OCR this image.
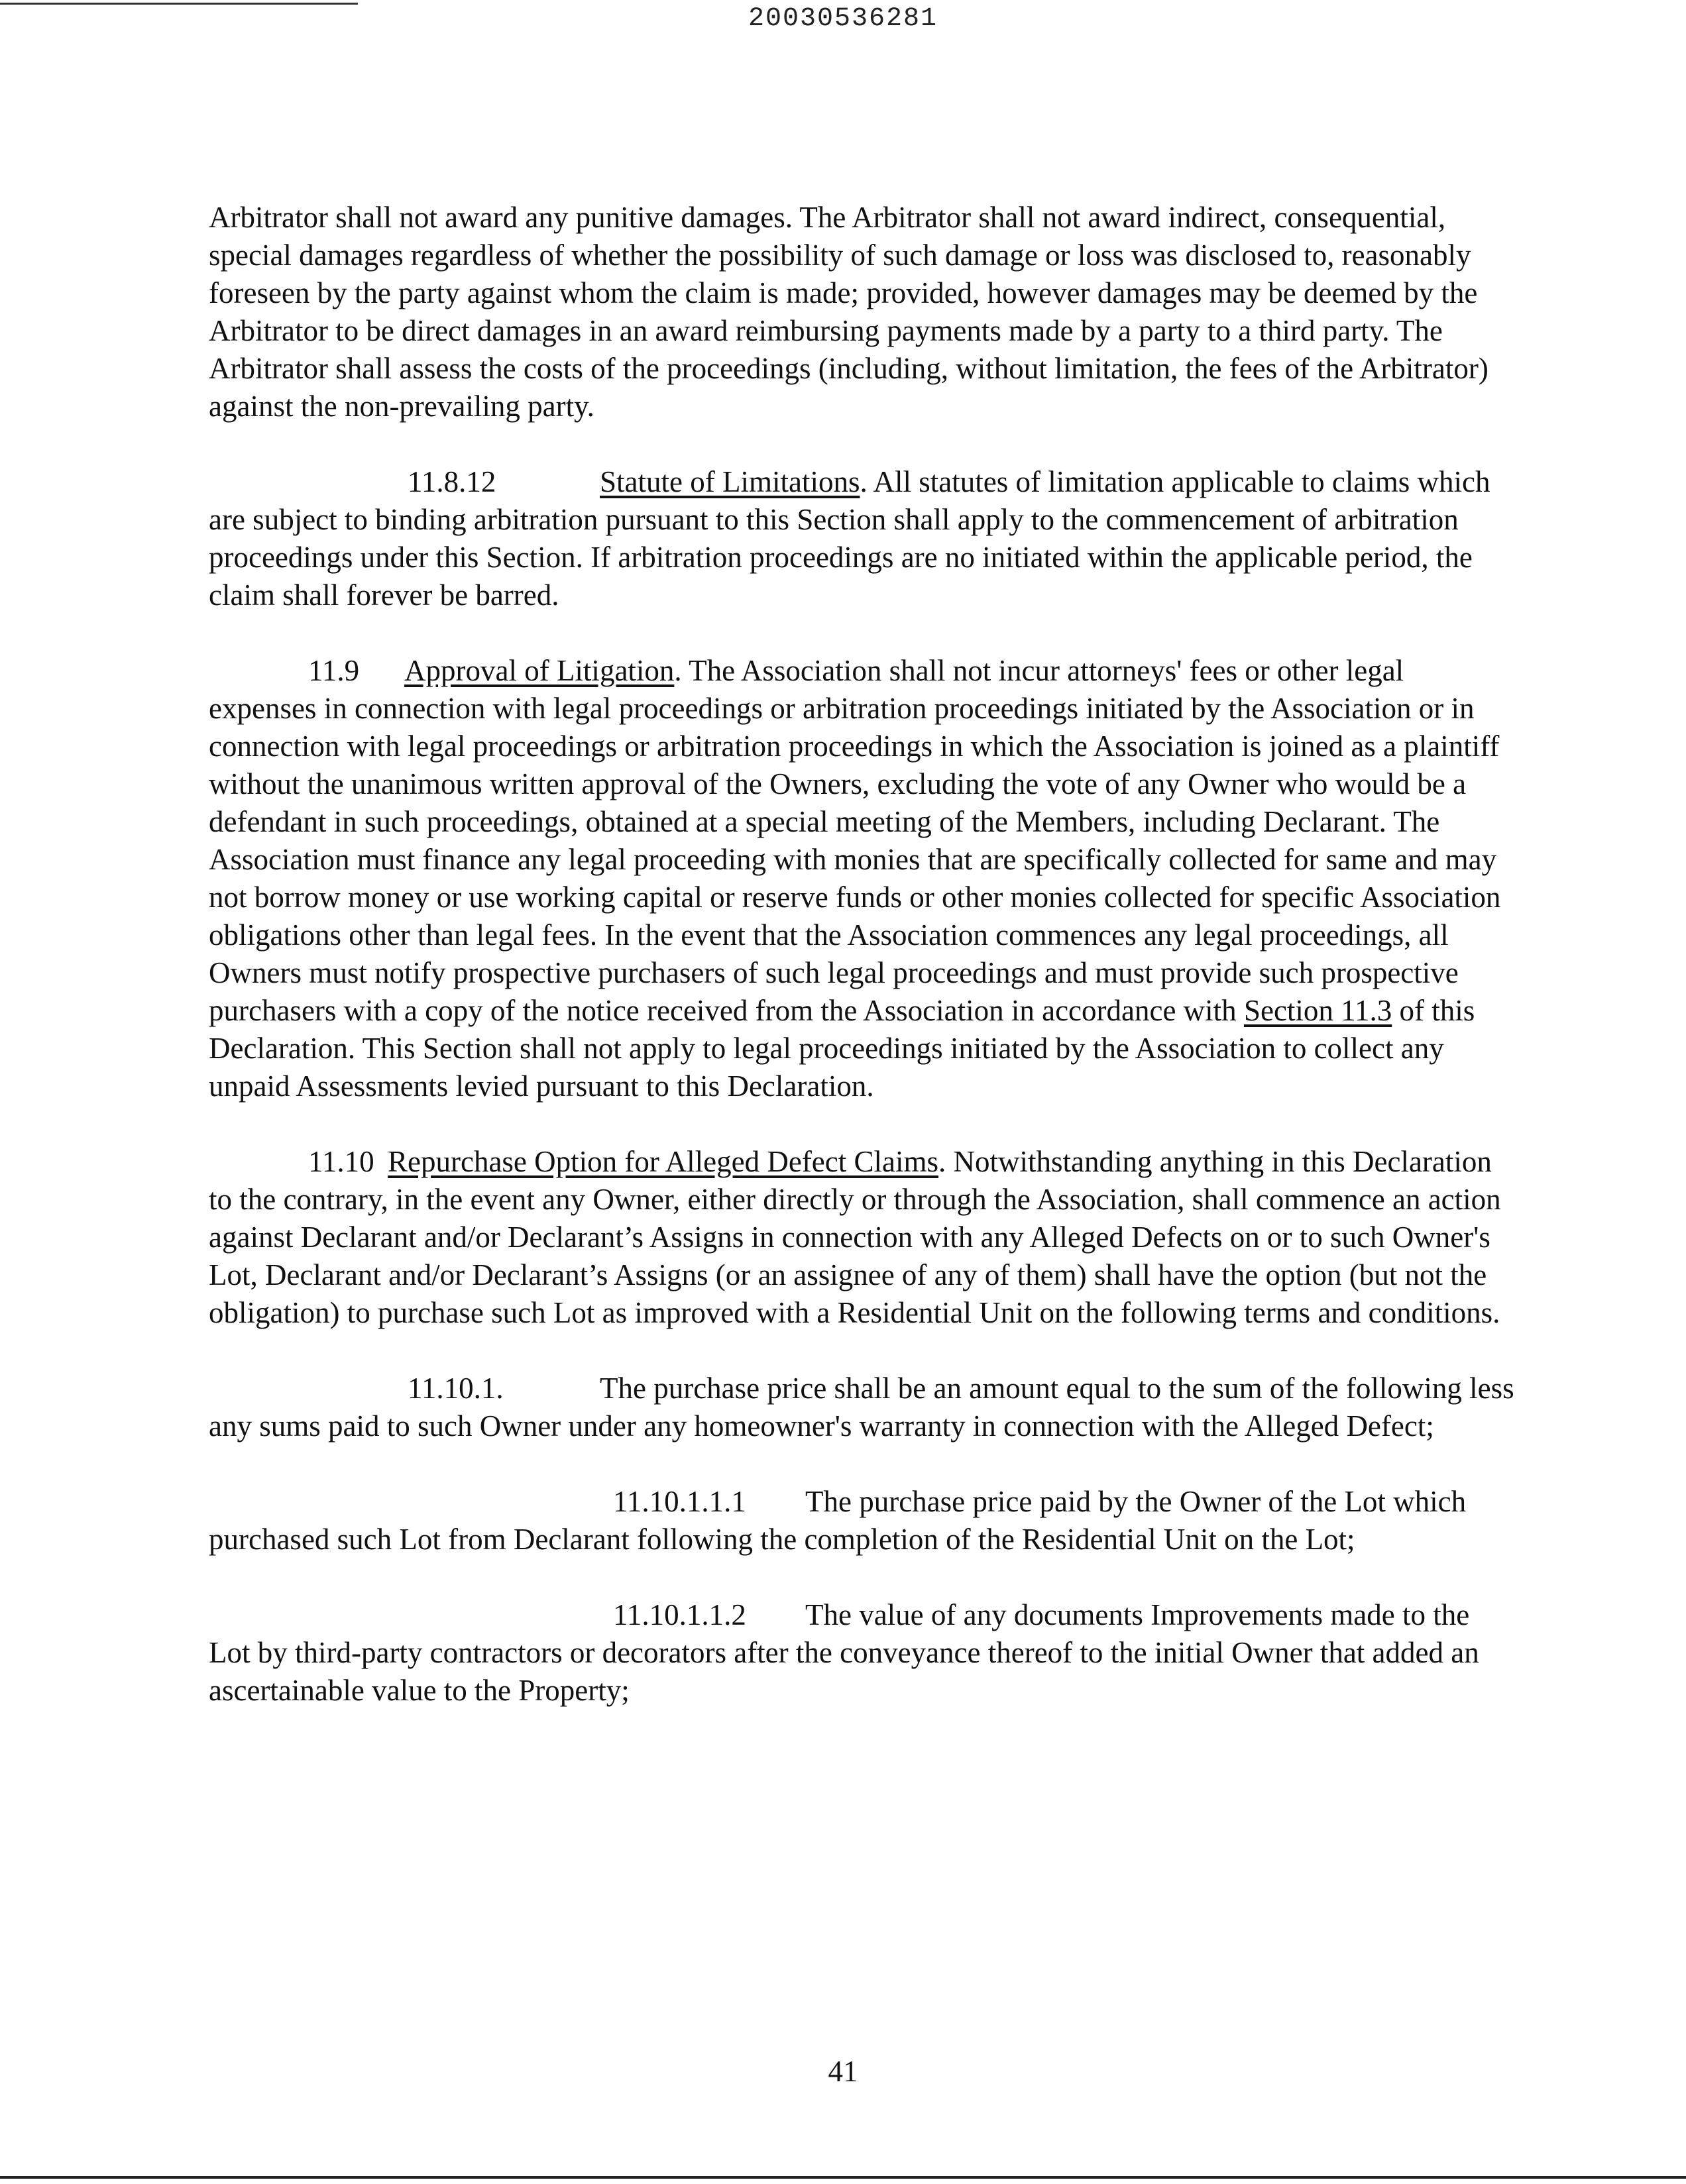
20030536281

Arbitrator shall not award any punitive damages. The Arbitrator shall not award indirect, consequential, special damages regardless of whether the possibility of such damage or loss was disclosed to, reasonably foreseen by the party against whom the claim is made; provided, however damages may be deemed by the Arbitrator to be direct damages in an award reimbursing payments made by a party to a third party. The Arbitrator shall assess the costs of the proceedings (including, without limitation, the fees of the Arbitrator) against the non-prevailing party.

11.8.12	Statute of Limitations. All statutes of limitation applicable to claims which are subject to binding arbitration pursuant to this Section shall apply to the commencement of arbitration proceedings under this Section. If arbitration proceedings are no initiated within the applicable period, the claim shall forever be barred.

11.9 Approval of Litigation. The Association shall not incur attorneys' fees or other legal expenses in connection with legal proceedings or arbitration proceedings initiated by the Association or in connection with legal proceedings or arbitration proceedings in which the Association is joined as a plaintiff without the unanimous written approval of the Owners, excluding the vote of any Owner who would be a defendant in such proceedings, obtained at a special meeting of the Members, including Declarant. The Association must finance any legal proceeding with monies that are specifically collected for same and may not borrow money or use working capital or reserve funds or other monies collected for specific Association obligations other than legal fees. In the event that the Association commences any legal proceedings, all Owners must notify prospective purchasers of such legal proceedings and must provide such prospective purchasers with a copy of the notice received from the Association in accordance with Section 11.3 of this Declaration. This Section shall not apply to legal proceedings initiated by the Association to collect any unpaid Assessments levied pursuant to this Declaration.

11.10 Repurchase Option for Alleged Defect Claims. Notwithstanding anything in this Declaration to the contrary, in the event any Owner, either directly or through the Association, shall commence an action against Declarant and/or Declarant’s Assigns in connection with any Alleged Defects on or to such Owner's Lot, Declarant and/or Declarant’s Assigns (or an assignee of any of them) shall have the option (but not the obligation) to purchase such Lot as improved with a Residential Unit on the following terms and conditions.

11.10.1.	The purchase price shall be an amount equal to the sum of the following less any sums paid to such Owner under any homeowner's warranty in connection with the Alleged Defect;

11.10.1.1.1 The purchase price paid by the Owner of the Lot which purchased such Lot from Declarant following the completion of the Residential Unit on the Lot;

11.10.1.1.2 The value of any documents Improvements made to the Lot by third-party contractors or decorators after the conveyance thereof to the initial Owner that added an ascertainable value to the Property;

41
